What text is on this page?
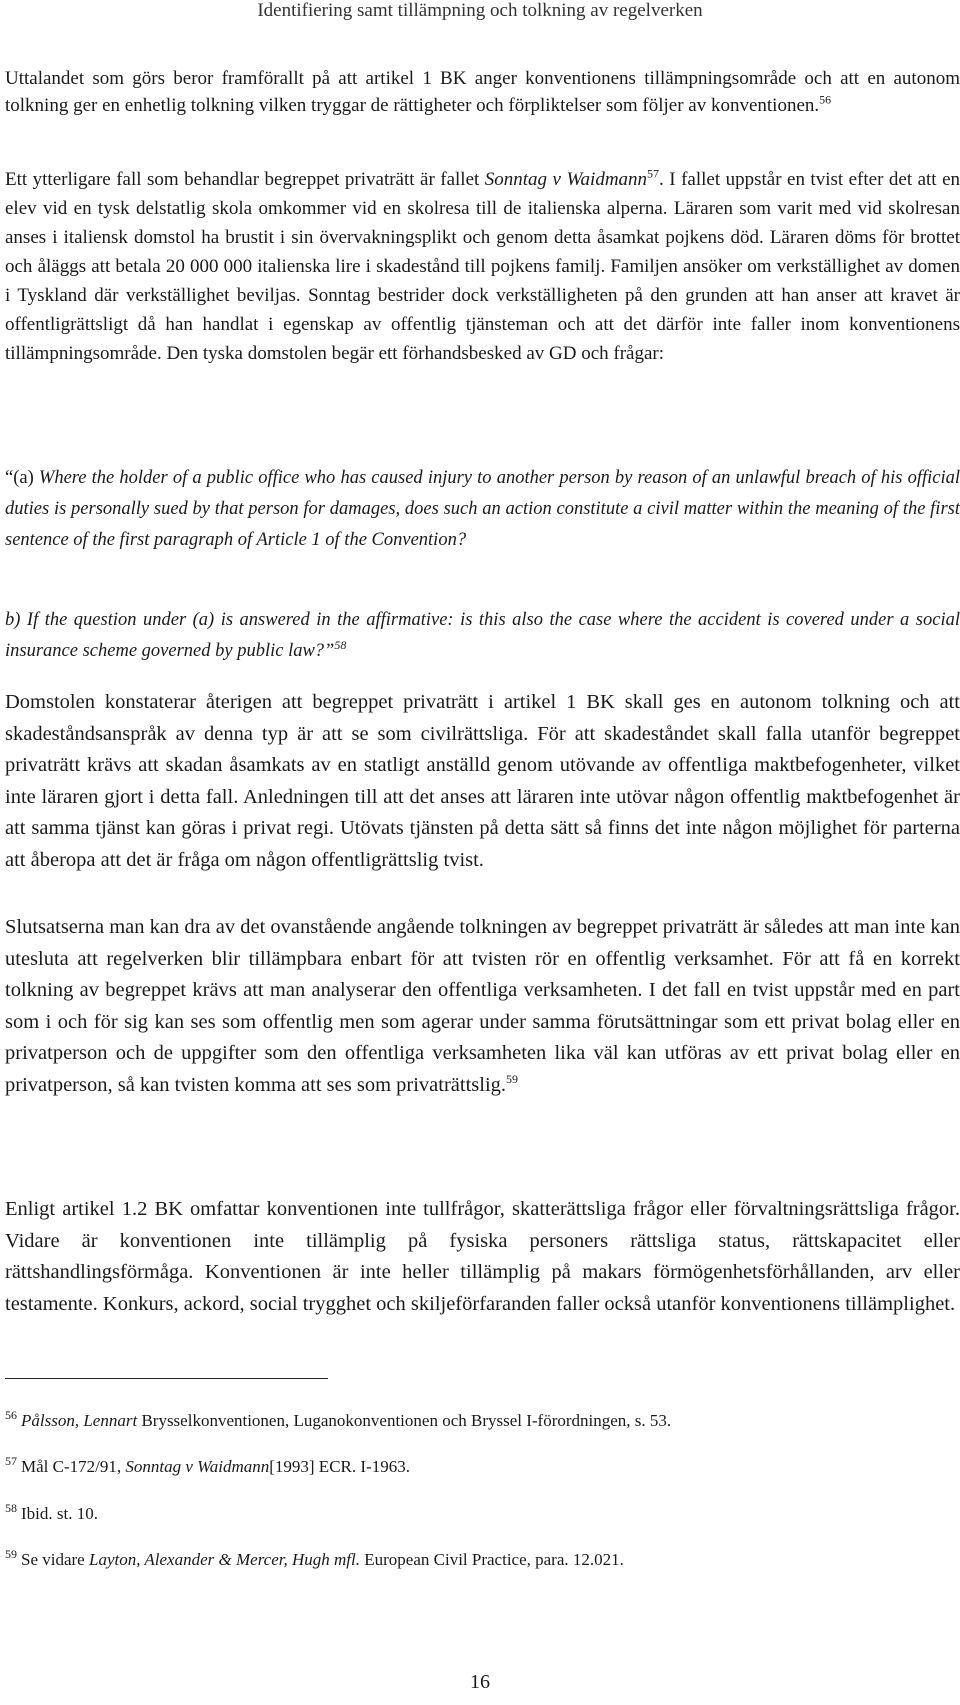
Identifiering samt tillämpning och tolkning av regelverken

Uttalandet som görs beror framförallt på att artikel 1 BK anger konventionens tillämpningsområde och att en autonom tolkning ger en enhetlig tolkning vilken tryggar de rättigheter och förpliktelser som följer av konventionen.$^{56}$

Ett ytterligare fall som behandlar begreppet privaträtt är fallet Sonntag v Waidmann$^{57}$. I fallet uppstår en tvist efter det att en elev vid en tysk delstatlig skola omkommer vid en skolresa till de italienska alperna. Läraren som varit med vid skolresan anses i italiensk domstol ha brustit i sin övervakningsplikt och genom detta åsamkat pojkens död. Läraren döms för brottet och åläggs att betala 20 000 000 italienska lire i skadestånd till pojkens familj. Familjen ansöker om verkställighet av domen i Tyskland där verkställighet beviljas. Sonntag bestrider dock verkställigheten på den grunden att han anser att kravet är offentligrättsligt då han handlat i egenskap av offentlig tjänsteman och att det därför inte faller inom konventionens tillämpningsområde. Den tyska domstolen begär ett förhandsbesked av GD och frågar:

“(a) Where the holder of a public office who has caused injury to another person by reason of an unlawful breach of his official duties is personally sued by that person for damages, does such an action constitute a civil matter within the meaning of the first sentence of the first paragraph of Article 1 of the Convention?

b) If the question under (a) is answered in the affirmative: is this also the case where the accident is covered under a social insurance scheme governed by public law?”$^{58}$

Domstolen konstaterar återigen att begreppet privaträtt i artikel 1 BK skall ges en autonom tolkning och att skadeståndsanspråk av denna typ är att se som civilrättsliga. För att skadeståndet skall falla utanför begreppet privaträtt krävs att skadan åsamkats av en statligt anställd genom utövande av offentliga maktbefogenheter, vilket inte läraren gjort i detta fall. Anledningen till att det anses att läraren inte utövar någon offentlig maktbefogenhet är att samma tjänst kan göras i privat regi. Utövats tjänsten på detta sätt så finns det inte någon möjlighet för parterna att åberopa att det är fråga om någon offentligrättslig tvist.

Slutsatserna man kan dra av det ovanstående angående tolkningen av begreppet privaträtt är således att man inte kan utesluta att regelverken blir tillämpbara enbart för att tvisten rör en offentlig verksamhet. För att få en korrekt tolkning av begreppet krävs att man analyserar den offentliga verksamheten. I det fall en tvist uppstår med en part som i och för sig kan ses som offentlig men som agerar under samma förutsättningar som ett privat bolag eller en privatperson och de uppgifter som den offentliga verksamheten lika väl kan utföras av ett privat bolag eller en privatperson, så kan tvisten komma att ses som privaträttslig.$^{59}$

Enligt artikel 1.2 BK omfattar konventionen inte tullfrågor, skatterättsliga frågor eller förvaltningsrättsliga frågor. Vidare är konventionen inte tillämplig på fysiska personers rättsliga status, rättskapacitet eller rättshandlingsförmåga. Konventionen är inte heller tillämplig på makars förmögenhetsförhållanden, arv eller testamente. Konkurs, ackord, social trygghet och skiljeförfaranden faller också utanför konventionens tillämplighet.

$^{56}$ Pålsson, Lennart Brysselkonventionen, Luganokonventionen och Bryssel I-förordningen, s. 53.

$^{57}$ Mål C-172/91, Sonntag v Waidmann[1993] ECR. I-1963.

$^{58}$ Ibid. st. 10.

$^{59}$ Se vidare Layton, Alexander & Mercer, Hugh mfl. European Civil Practice, para. 12.021.

16
